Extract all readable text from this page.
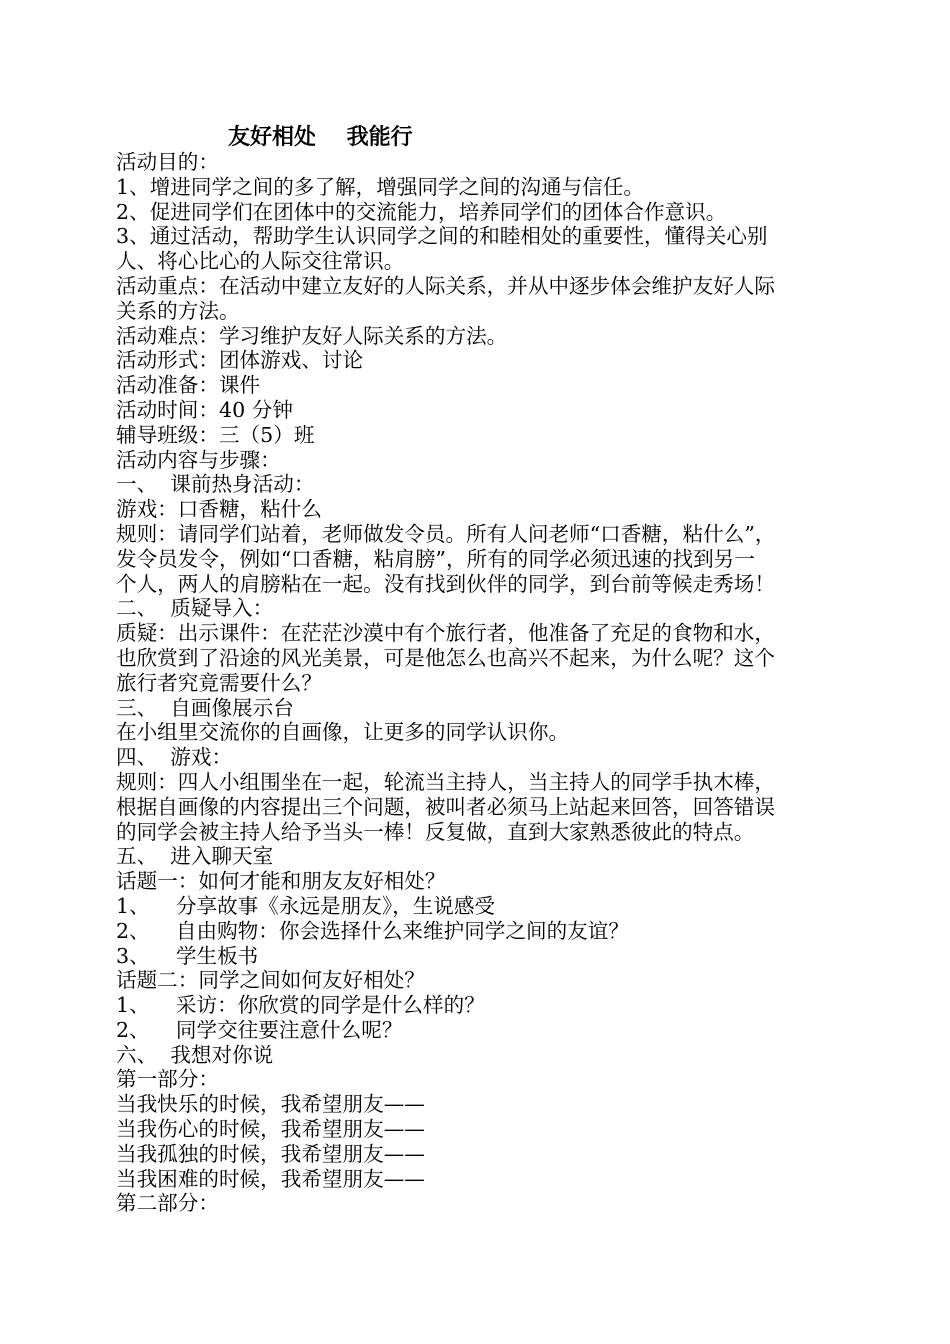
友好相处    我能行
活动目的：
1、增进同学之间的多了解，增强同学之间的沟通与信任。
2、促进同学们在团体中的交流能力，培养同学们的团体合作意识。
3、通过活动，帮助学生认识同学之间的和睦相处的重要性，懂得关心别
人、将心比心的人际交往常识。
活动重点：在活动中建立友好的人际关系，并从中逐步体会维护友好人际
关系的方法。
活动难点：学习维护友好人际关系的方法。
活动形式：团体游戏、讨论
活动准备：课件
活动时间：40 分钟
辅导班级：三（5）班
活动内容与步骤：
一、  课前热身活动：
游戏：口香糖，粘什么
规则：请同学们站着，老师做发令员。所有人问老师“口香糖，粘什么”，
发令员发令，例如“口香糖，粘肩膀”，所有的同学必须迅速的找到另一
个人，两人的肩膀粘在一起。没有找到伙伴的同学，到台前等候走秀场！
二、  质疑导入：
质疑：出示课件：在茫茫沙漠中有个旅行者，他准备了充足的食物和水，
也欣赏到了沿途的风光美景，可是他怎么也高兴不起来，为什么呢？这个
旅行者究竟需要什么？
三、  自画像展示台
在小组里交流你的自画像，让更多的同学认识你。
四、  游戏：
规则：四人小组围坐在一起，轮流当主持人，当主持人的同学手执木棒，
根据自画像的内容提出三个问题，被叫者必须马上站起来回答，回答错误
的同学会被主持人给予当头一棒！反复做，直到大家熟悉彼此的特点。
五、  进入聊天室
话题一：如何才能和朋友友好相处？
1、    分享故事《永远是朋友》，生说感受
2、    自由购物：你会选择什么来维护同学之间的友谊？
3、    学生板书
话题二：同学之间如何友好相处？
1、    采访：你欣赏的同学是什么样的？
2、    同学交往要注意什么呢？
六、  我想对你说
第一部分：
当我快乐的时候，我希望朋友——
当我伤心的时候，我希望朋友——
当我孤独的时候，我希望朋友——
当我困难的时候，我希望朋友——
第二部分：
